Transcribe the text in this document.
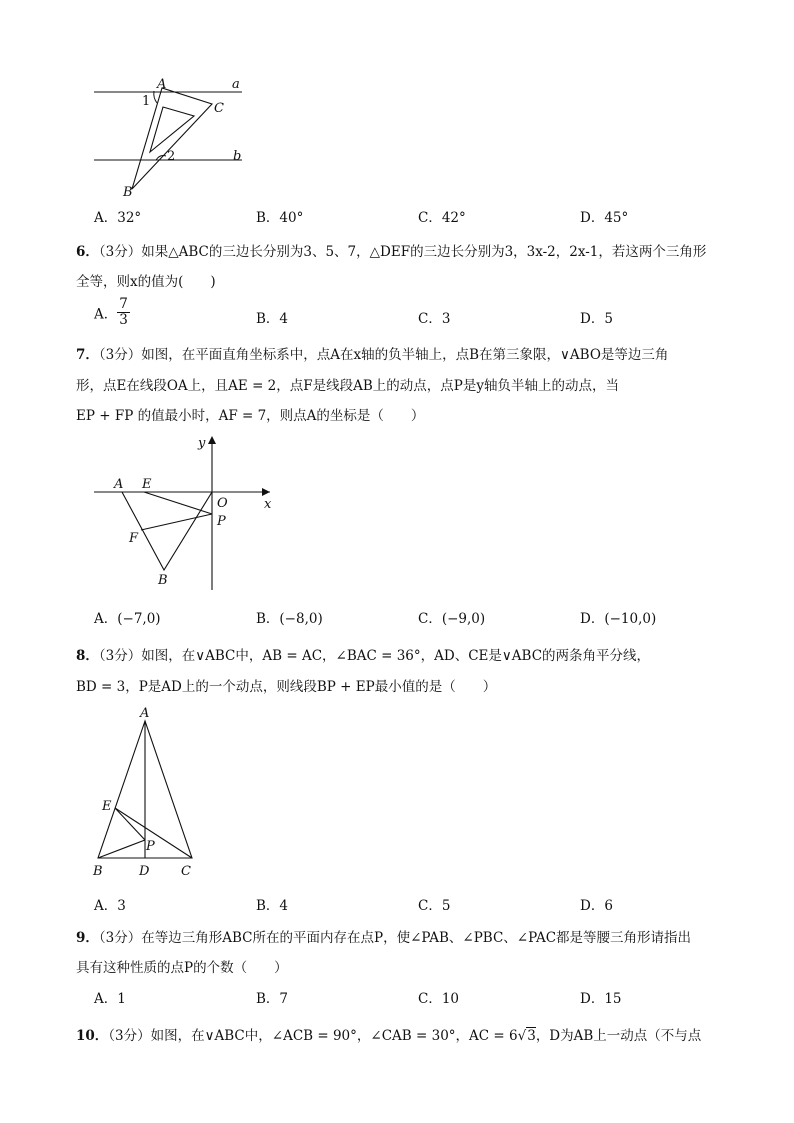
A	a
1	C
2	b
B
A．32°	B．40°	C．42°	D．45°
6．（3分）如果△ABC的三边长分别为3、5、7，△DEF的三边长分别为3，3x-2，2x-1，若这两个三角形
全等，则x的值为(　　)
A． $\frac{7}{3}$	B．4	C．3	D．5
7．（3分）如图，在平面直角坐标系中，点A在x轴的负半轴上，点B在第三象限，∨ABO是等边三角
形，点E在线段OA上，且AE = 2，点F是线段AB上的动点，点P是y轴负半轴上的动点，当
EP + FP 的值最小时，AF = 7，则点A的坐标是（　　）
y
A E
O	x
P
F
B
A．(−7,0)	B．(−8,0)	C．(−9,0)	D．(−10,0)
8．（3分）如图，在∨ABC中，AB = AC，∠BAC = 36°，AD、CE是∨ABC的两条角平分线，
BD = 3，P是AD上的一个动点，则线段BP + EP最小值的是（　　）
A
E
P
B	D C
A．3	B．4	C．5	D．6
9．（3分）在等边三角形ABC所在的平面内存在点P，使∠PAB、∠PBC、∠PAC都是等腰三角形请指出
具有这种性质的点P的个数（　　）
A．1	B．7	C．10	D．15
10．（3分）如图，在∨ABC中，∠ACB = 90°，∠CAB = 30°，AC = 6√3，D为AB上一动点（不与点
